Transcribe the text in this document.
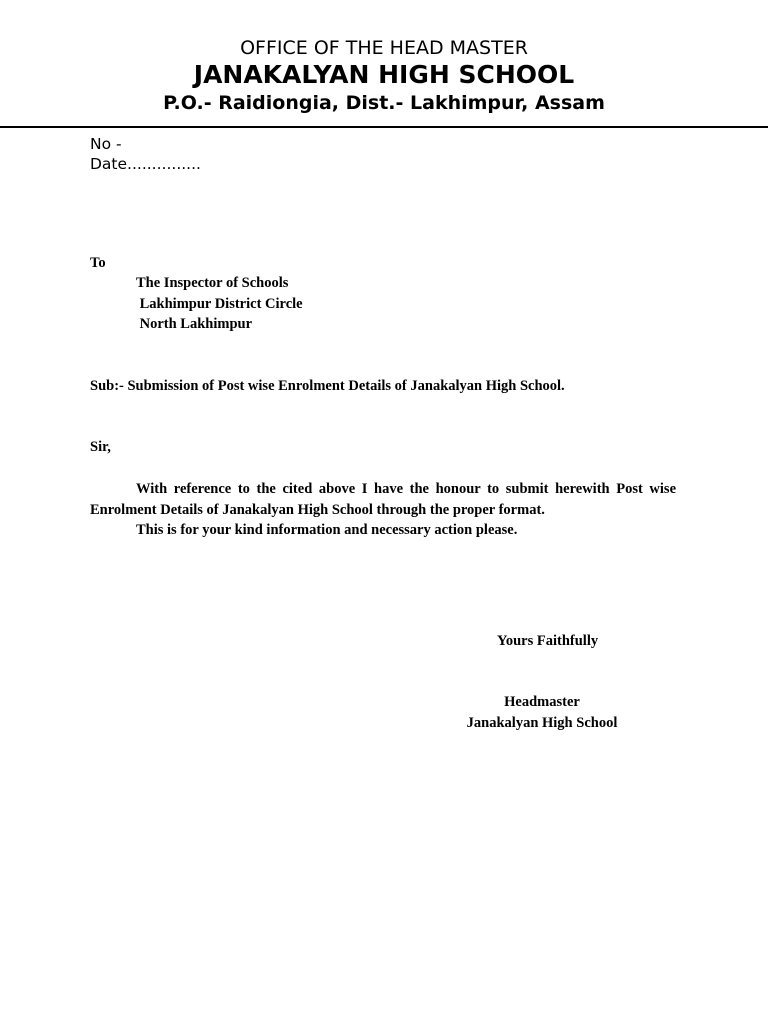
OFFICE OF THE HEAD MASTER
JANAKALYAN HIGH SCHOOL
P.O.- Raidiongia, Dist.- Lakhimpur, Assam
No -
Date...............
To
The Inspector of Schools
Lakhimpur District Circle
North Lakhimpur
Sub:- Submission of Post wise Enrolment Details of Janakalyan High School.
Sir,

With reference to the cited above I have the honour to submit herewith Post wise Enrolment Details of Janakalyan High School through the proper format.

This is for your kind information and necessary action please.

Yours Faithfully
Headmaster
Janakalyan High School
